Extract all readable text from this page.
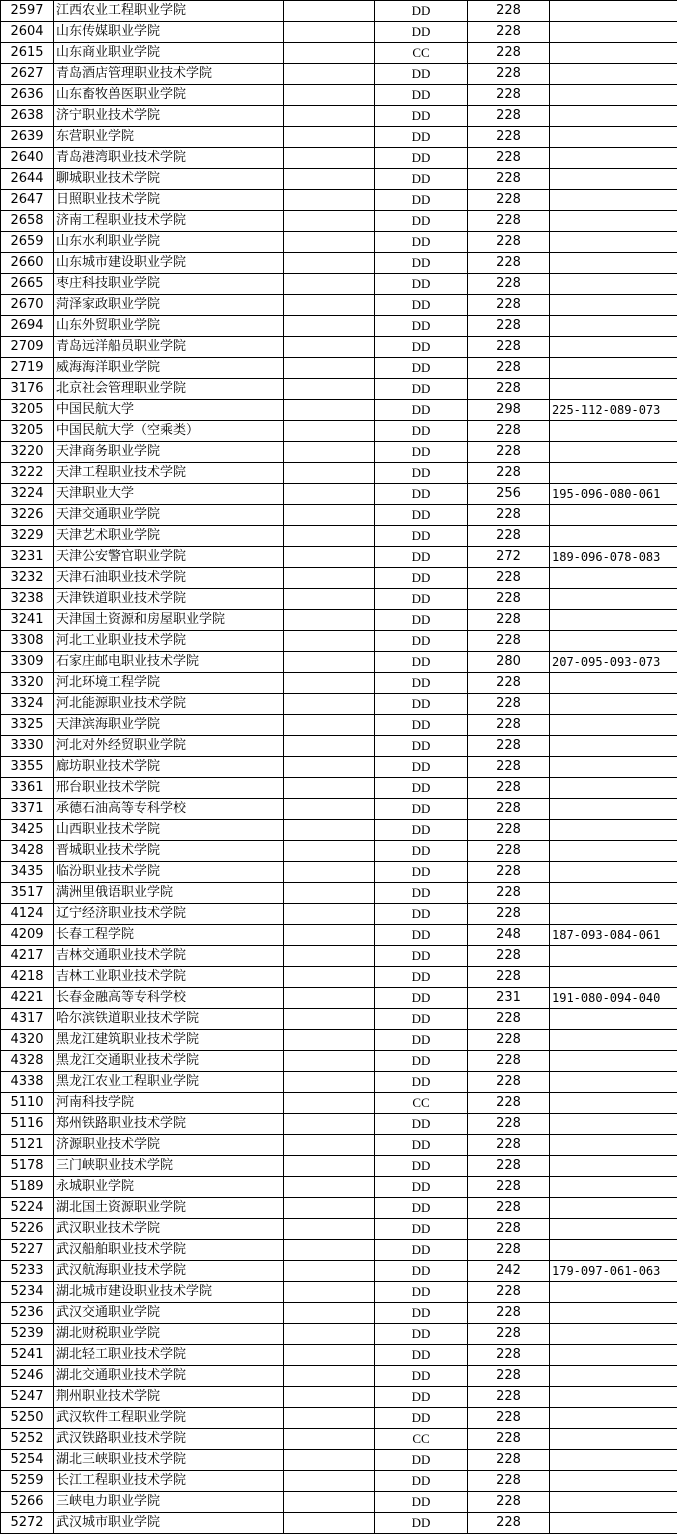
2597	江西农业工程职业学院		DD	228	
2604	山东传媒职业学院		DD	228	
2615	山东商业职业学院		CC	228	
2627	青岛酒店管理职业技术学院		DD	228	
2636	山东畜牧兽医职业学院		DD	228	
2638	济宁职业技术学院		DD	228	
2639	东营职业学院		DD	228	
2640	青岛港湾职业技术学院		DD	228	
2644	聊城职业技术学院		DD	228	
2647	日照职业技术学院		DD	228	
2658	济南工程职业技术学院		DD	228	
2659	山东水利职业学院		DD	228	
2660	山东城市建设职业学院		DD	228	
2665	枣庄科技职业学院		DD	228	
2670	菏泽家政职业学院		DD	228	
2694	山东外贸职业学院		DD	228	
2709	青岛远洋船员职业学院		DD	228	
2719	威海海洋职业学院		DD	228	
3176	北京社会管理职业学院		DD	228	
3205	中国民航大学		DD	298	225-112-089-073
3205	中国民航大学（空乘类）		DD	228	
3220	天津商务职业学院		DD	228	
3222	天津工程职业技术学院		DD	228	
3224	天津职业大学		DD	256	195-096-080-061
3226	天津交通职业学院		DD	228	
3229	天津艺术职业学院		DD	228	
3231	天津公安警官职业学院		DD	272	189-096-078-083
3232	天津石油职业技术学院		DD	228	
3238	天津铁道职业技术学院		DD	228	
3241	天津国土资源和房屋职业学院		DD	228	
3308	河北工业职业技术学院		DD	228	
3309	石家庄邮电职业技术学院		DD	280	207-095-093-073
3320	河北环境工程学院		DD	228	
3324	河北能源职业技术学院		DD	228	
3325	天津滨海职业学院		DD	228	
3330	河北对外经贸职业学院		DD	228	
3355	廊坊职业技术学院		DD	228	
3361	邢台职业技术学院		DD	228	
3371	承德石油高等专科学校		DD	228	
3425	山西职业技术学院		DD	228	
3428	晋城职业技术学院		DD	228	
3435	临汾职业技术学院		DD	228	
3517	满洲里俄语职业学院		DD	228	
4124	辽宁经济职业技术学院		DD	228	
4209	长春工程学院		DD	248	187-093-084-061
4217	吉林交通职业技术学院		DD	228	
4218	吉林工业职业技术学院		DD	228	
4221	长春金融高等专科学校		DD	231	191-080-094-040
4317	哈尔滨铁道职业技术学院		DD	228	
4320	黑龙江建筑职业技术学院		DD	228	
4328	黑龙江交通职业技术学院		DD	228	
4338	黑龙江农业工程职业学院		DD	228	
5110	河南科技学院		CC	228	
5116	郑州铁路职业技术学院		DD	228	
5121	济源职业技术学院		DD	228	
5178	三门峡职业技术学院		DD	228	
5189	永城职业学院		DD	228	
5224	湖北国土资源职业学院		DD	228	
5226	武汉职业技术学院		DD	228	
5227	武汉船舶职业技术学院		DD	228	
5233	武汉航海职业技术学院		DD	242	179-097-061-063
5234	湖北城市建设职业技术学院		DD	228	
5236	武汉交通职业学院		DD	228	
5239	湖北财税职业学院		DD	228	
5241	湖北轻工职业技术学院		DD	228	
5246	湖北交通职业技术学院		DD	228	
5247	荆州职业技术学院		DD	228	
5250	武汉软件工程职业学院		DD	228	
5252	武汉铁路职业技术学院		CC	228	
5254	湖北三峡职业技术学院		DD	228	
5259	长江工程职业技术学院		DD	228	
5266	三峡电力职业学院		DD	228	
5272	武汉城市职业学院		DD	228	
